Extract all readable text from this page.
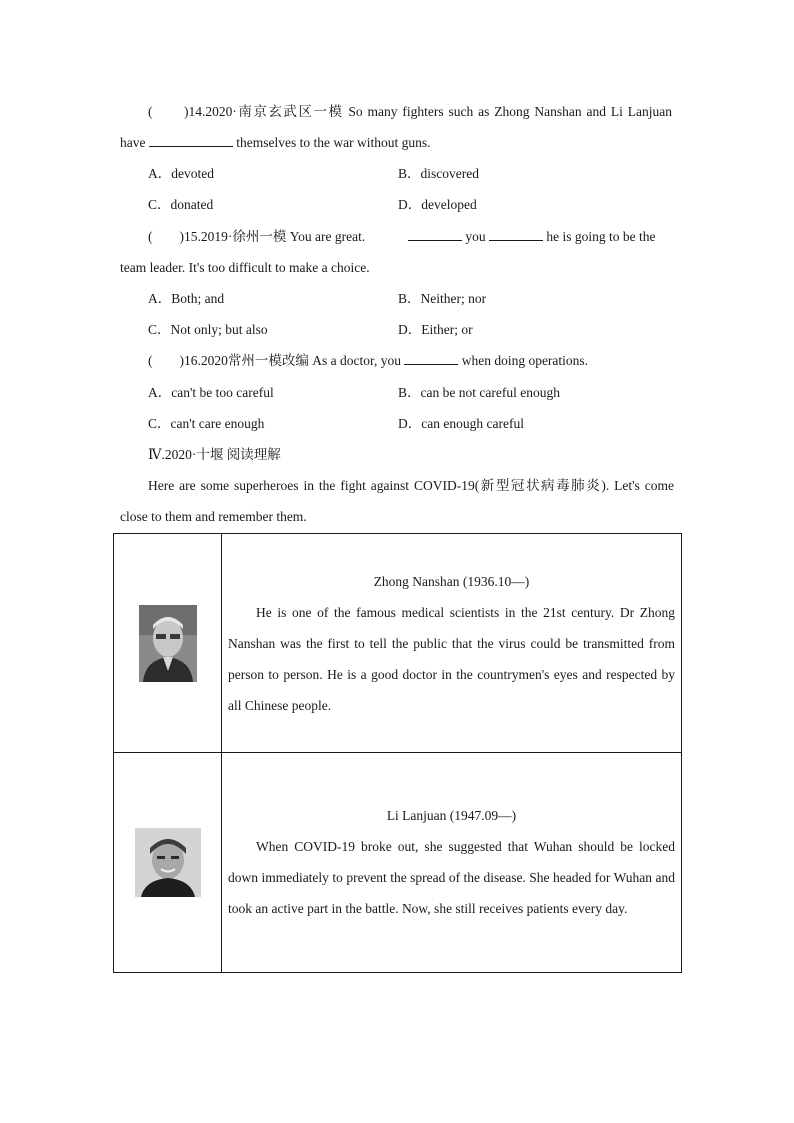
(　　)14.2020·南京玄武区一模 So many fighters such as Zhong Nanshan and Li Lanjuan
have	themselves to the war without guns.
A．devoted	B．discovered
C．donated	D．developed
(　　)15.2019·徐州一模 You are great.	you	he is going to be the
team leader. It's too difficult to make a choice.
A．Both; and	B．Neither; nor
C．Not only; but also	D．Either; or
(　　)16.2020常州一模改编 As a doctor, you	when doing operations.
A．can't be too careful	B．can be not careful enough
C．can't care enough	D．can enough careful
Ⅳ.2020·十堰 阅读理解
Here are some superheroes in the fight against COVID-19(新型冠状病毒肺炎). Let's come
close to them and remember them.

Zhong Nanshan (1936.10—)
He is one of the famous medical scientists in the 21st century. Dr Zhong Nanshan was the first to tell the public that the virus could be transmitted from person to person. He is a good doctor in the countrymen's eyes and respected by all Chinese people.

Li Lanjuan (1947.09—)
When COVID-19 broke out, she suggested that Wuhan should be locked down immediately to prevent the spread of the disease. She headed for Wuhan and took an active part in the battle. Now, she still receives patients every day.
